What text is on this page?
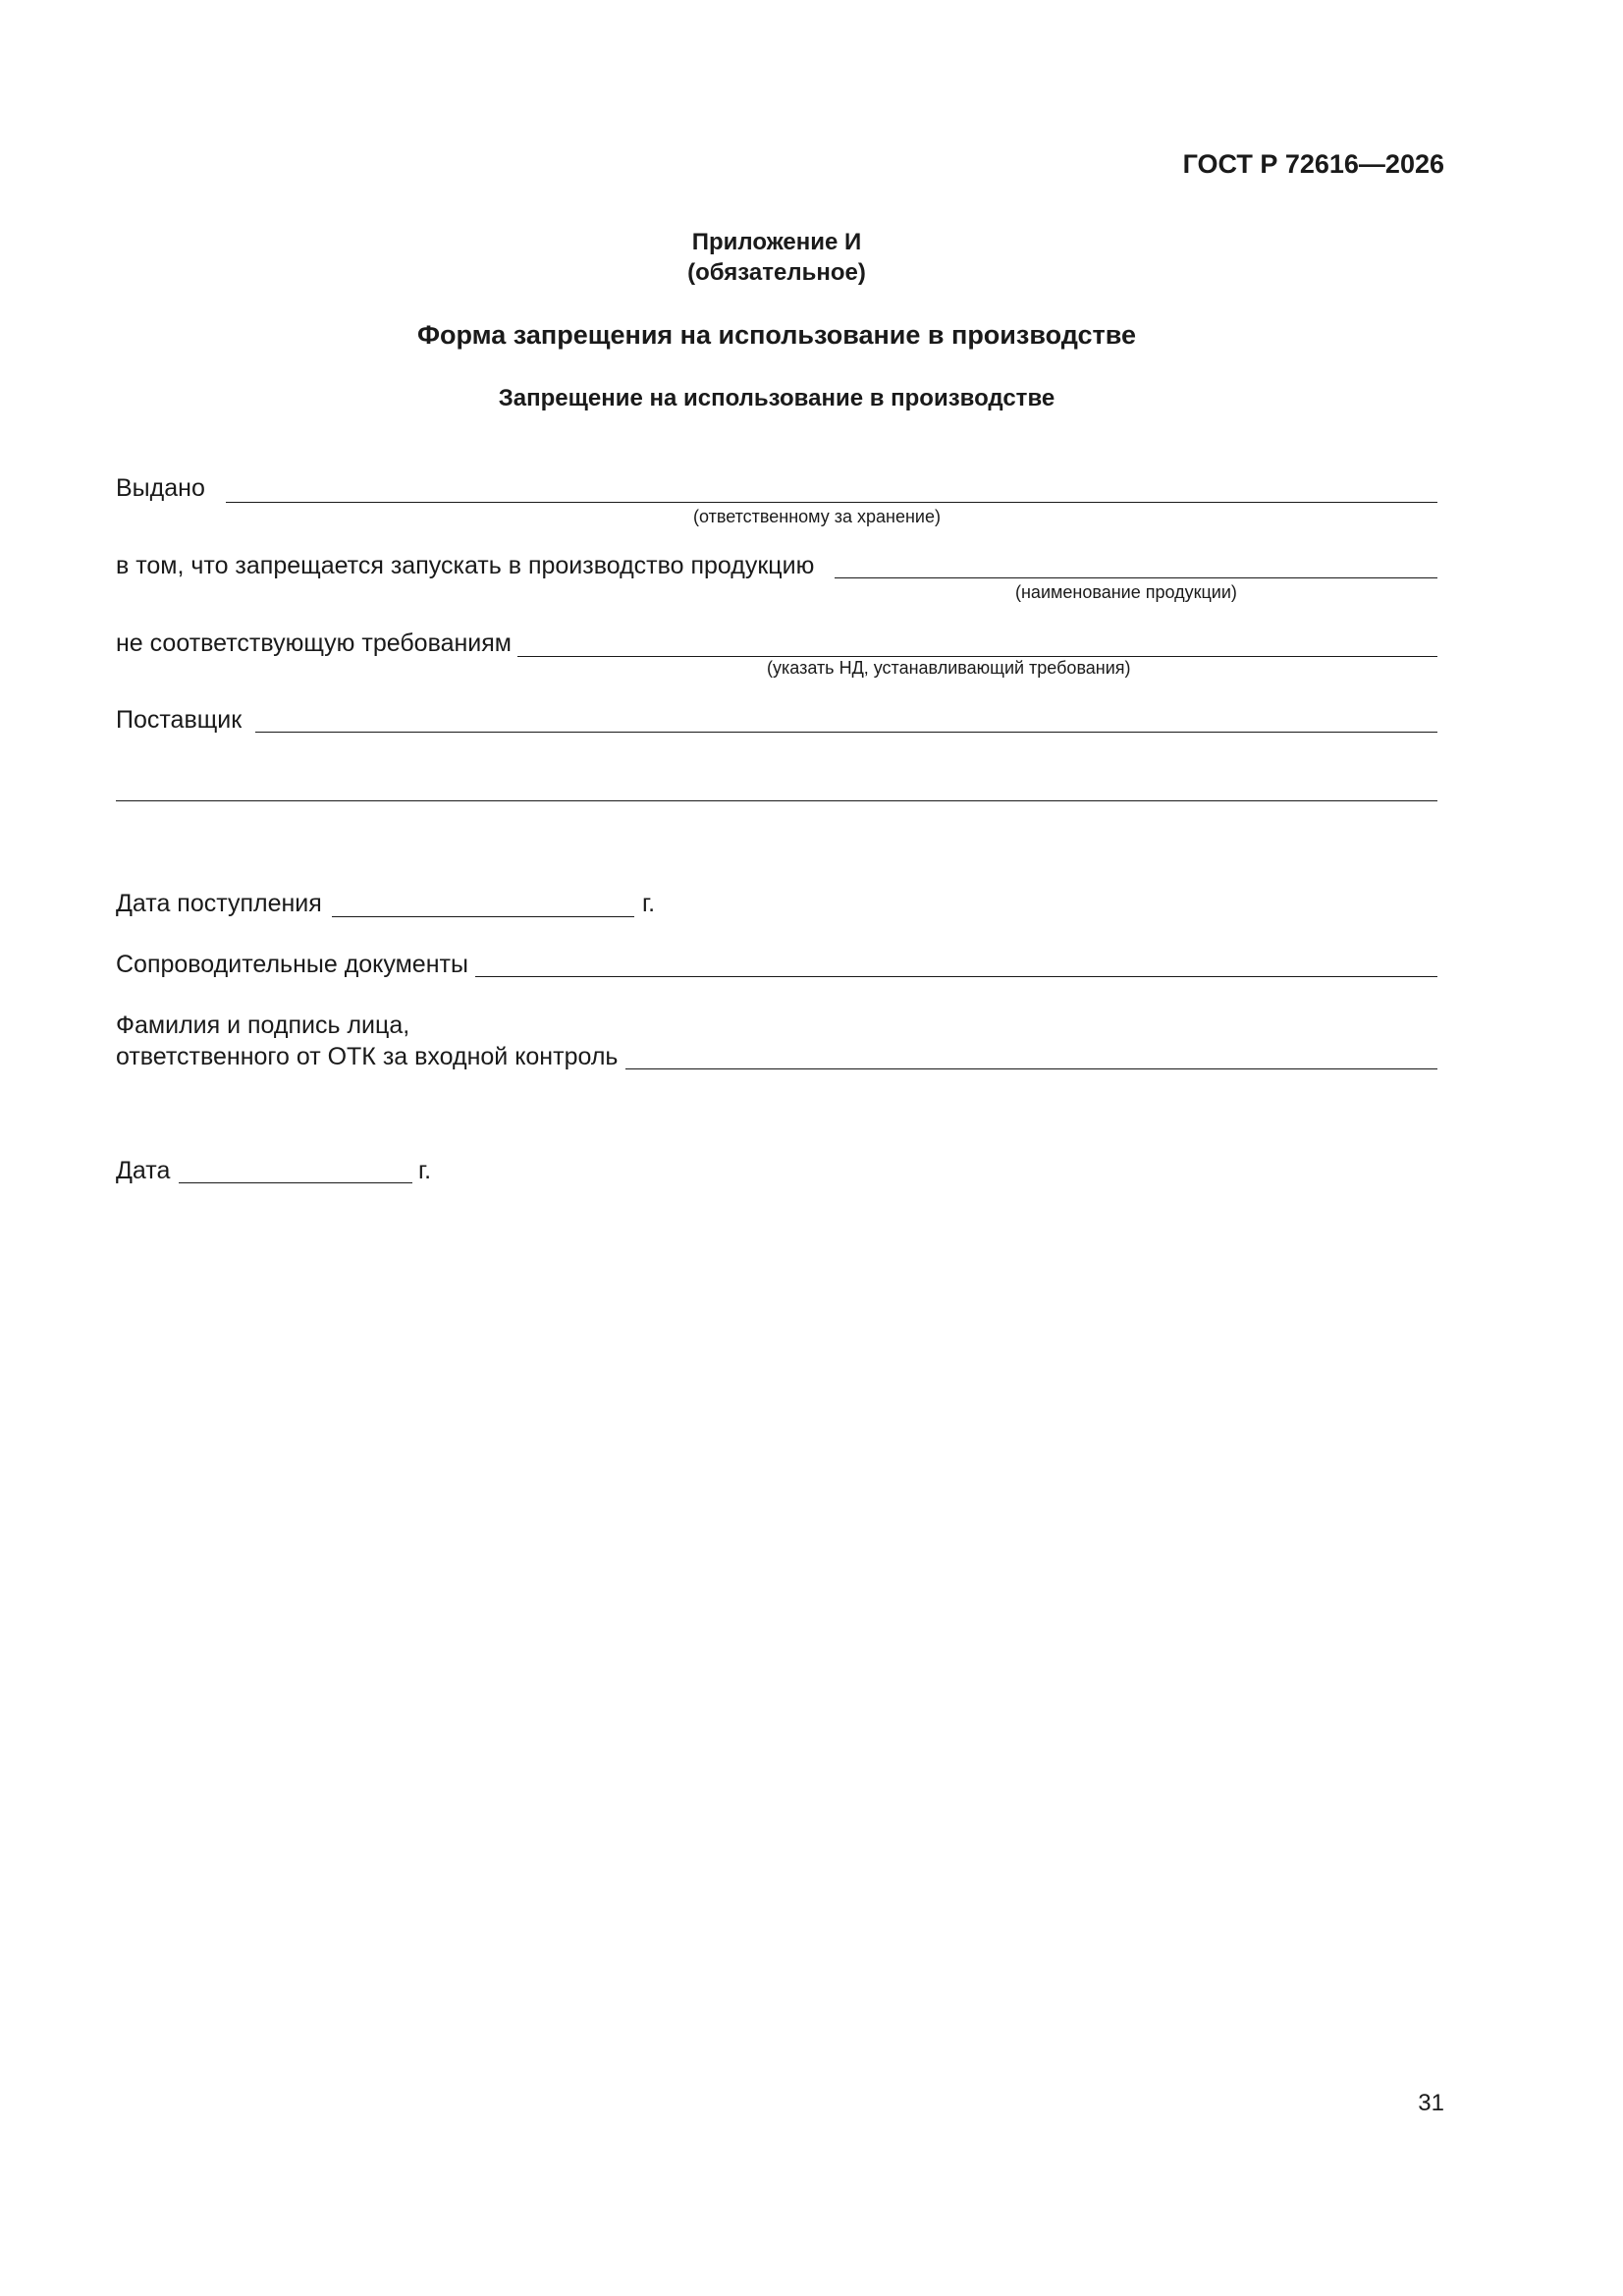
ГОСТ Р 72616—2026
Приложение И
(обязательное)
Форма запрещения на использование в производстве
Запрещение на использование в производстве
Выдано
(ответственному за хранение)
в том, что запрещается запускать в производство продукцию
(наименование продукции)
не соответствующую требованиям
(указать НД, устанавливающий требования)
Поставщик
Дата поступления	г.
Сопроводительные документы
Фамилия и подпись лица,
ответственного от ОТК за входной контроль
Дата	г.
31
